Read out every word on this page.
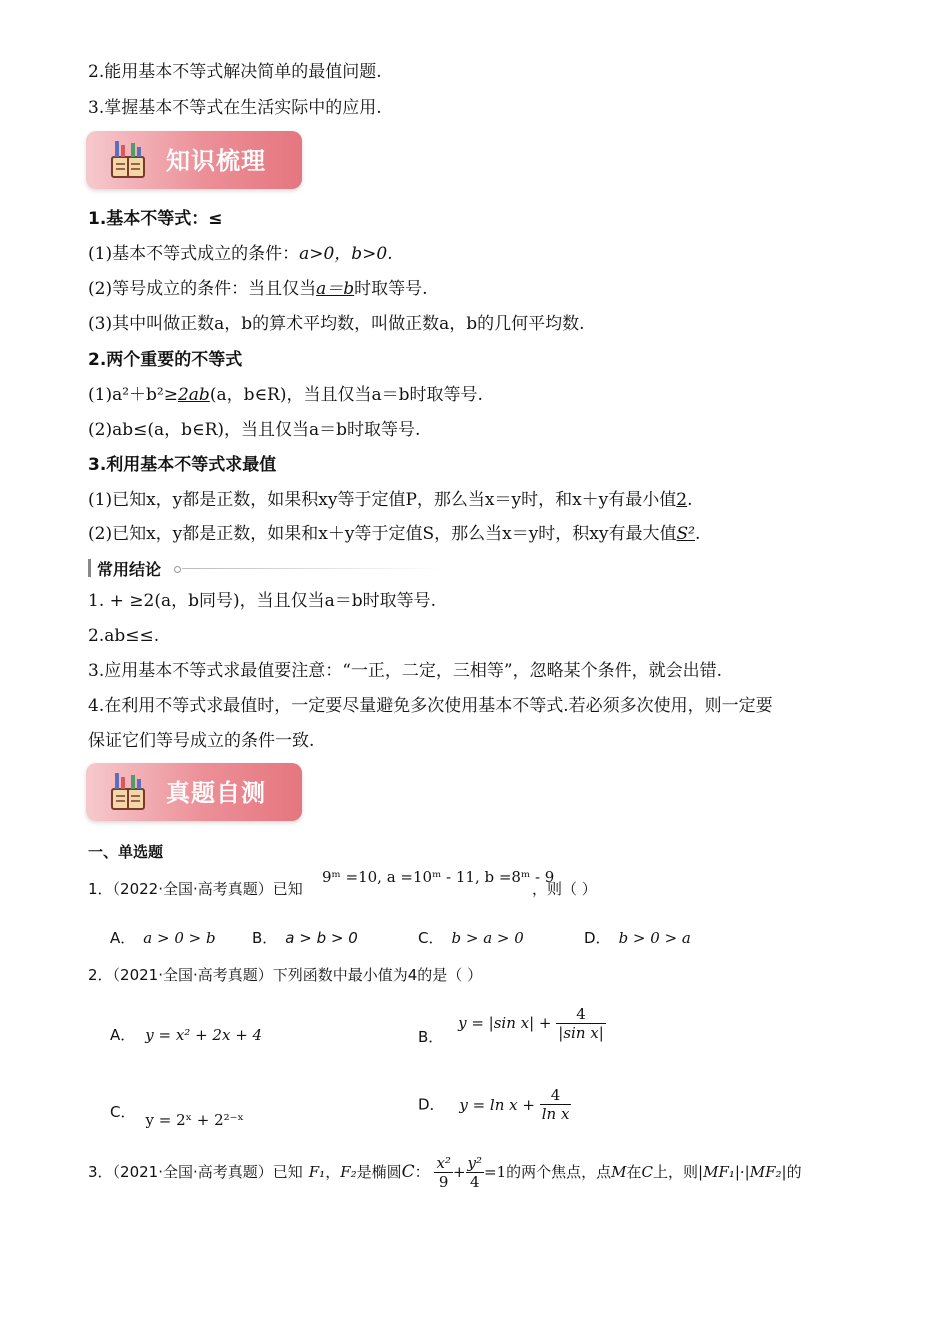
2.能用基本不等式解决简单的最值问题.
3.掌握基本不等式在生活实际中的应用.
知识梳理
1.基本不等式：≤
(1)基本不等式成立的条件：a>0，b>0.
(2)等号成立的条件：当且仅当a＝b时取等号.
(3)其中叫做正数a，b的算术平均数，叫做正数a，b的几何平均数.
2.两个重要的不等式
(1)a²＋b²≥2ab(a，b∈R)，当且仅当a＝b时取等号.
(2)ab≤(a，b∈R)，当且仅当a＝b时取等号.
3.利用基本不等式求最值
(1)已知x，y都是正数，如果积xy等于定值P，那么当x＝y时，和x＋y有最小值2.
(2)已知x，y都是正数，如果和x＋y等于定值S，那么当x＝y时，积xy有最大值S².
常用结论
1. + ≥2(a，b同号)，当且仅当a＝b时取等号.
2.ab≤≤.
3.应用基本不等式求最值要注意：“一正，二定，三相等”，忽略某个条件，就会出错.
4.在利用不等式求最值时，一定要尽量避免多次使用基本不等式.若必须多次使用，则一定要
保证它们等号成立的条件一致.
真题自测
一、单选题
1．（2022·全国·高考真题）已知
9ᵐ =10, a =10ᵐ - 11, b =8ᵐ - 9
，则（ ）
A． a > 0 > b B． a > b > 0	C． b > a > 0	D． b > 0 > a
2．（2021·全国·高考真题）下列函数中最小值为4的是（ ）
A． y = x² + 2x + 4	B． y = |sin $x| + \frac{4}{\text{|sin x|}}$
C． y = 2ˣ + 2²⁻ˣ
D． $y = \ln x + \frac{4}{\text{ln x}}$
3．（2021·全国·高考真题）已知 F₁，F₂是椭圆C： $\frac{\text{x²}}{9} + \frac{\text{y²}}{4} =1$的两个焦点，点M在C上，则|MF₁|·|MF₂|的
